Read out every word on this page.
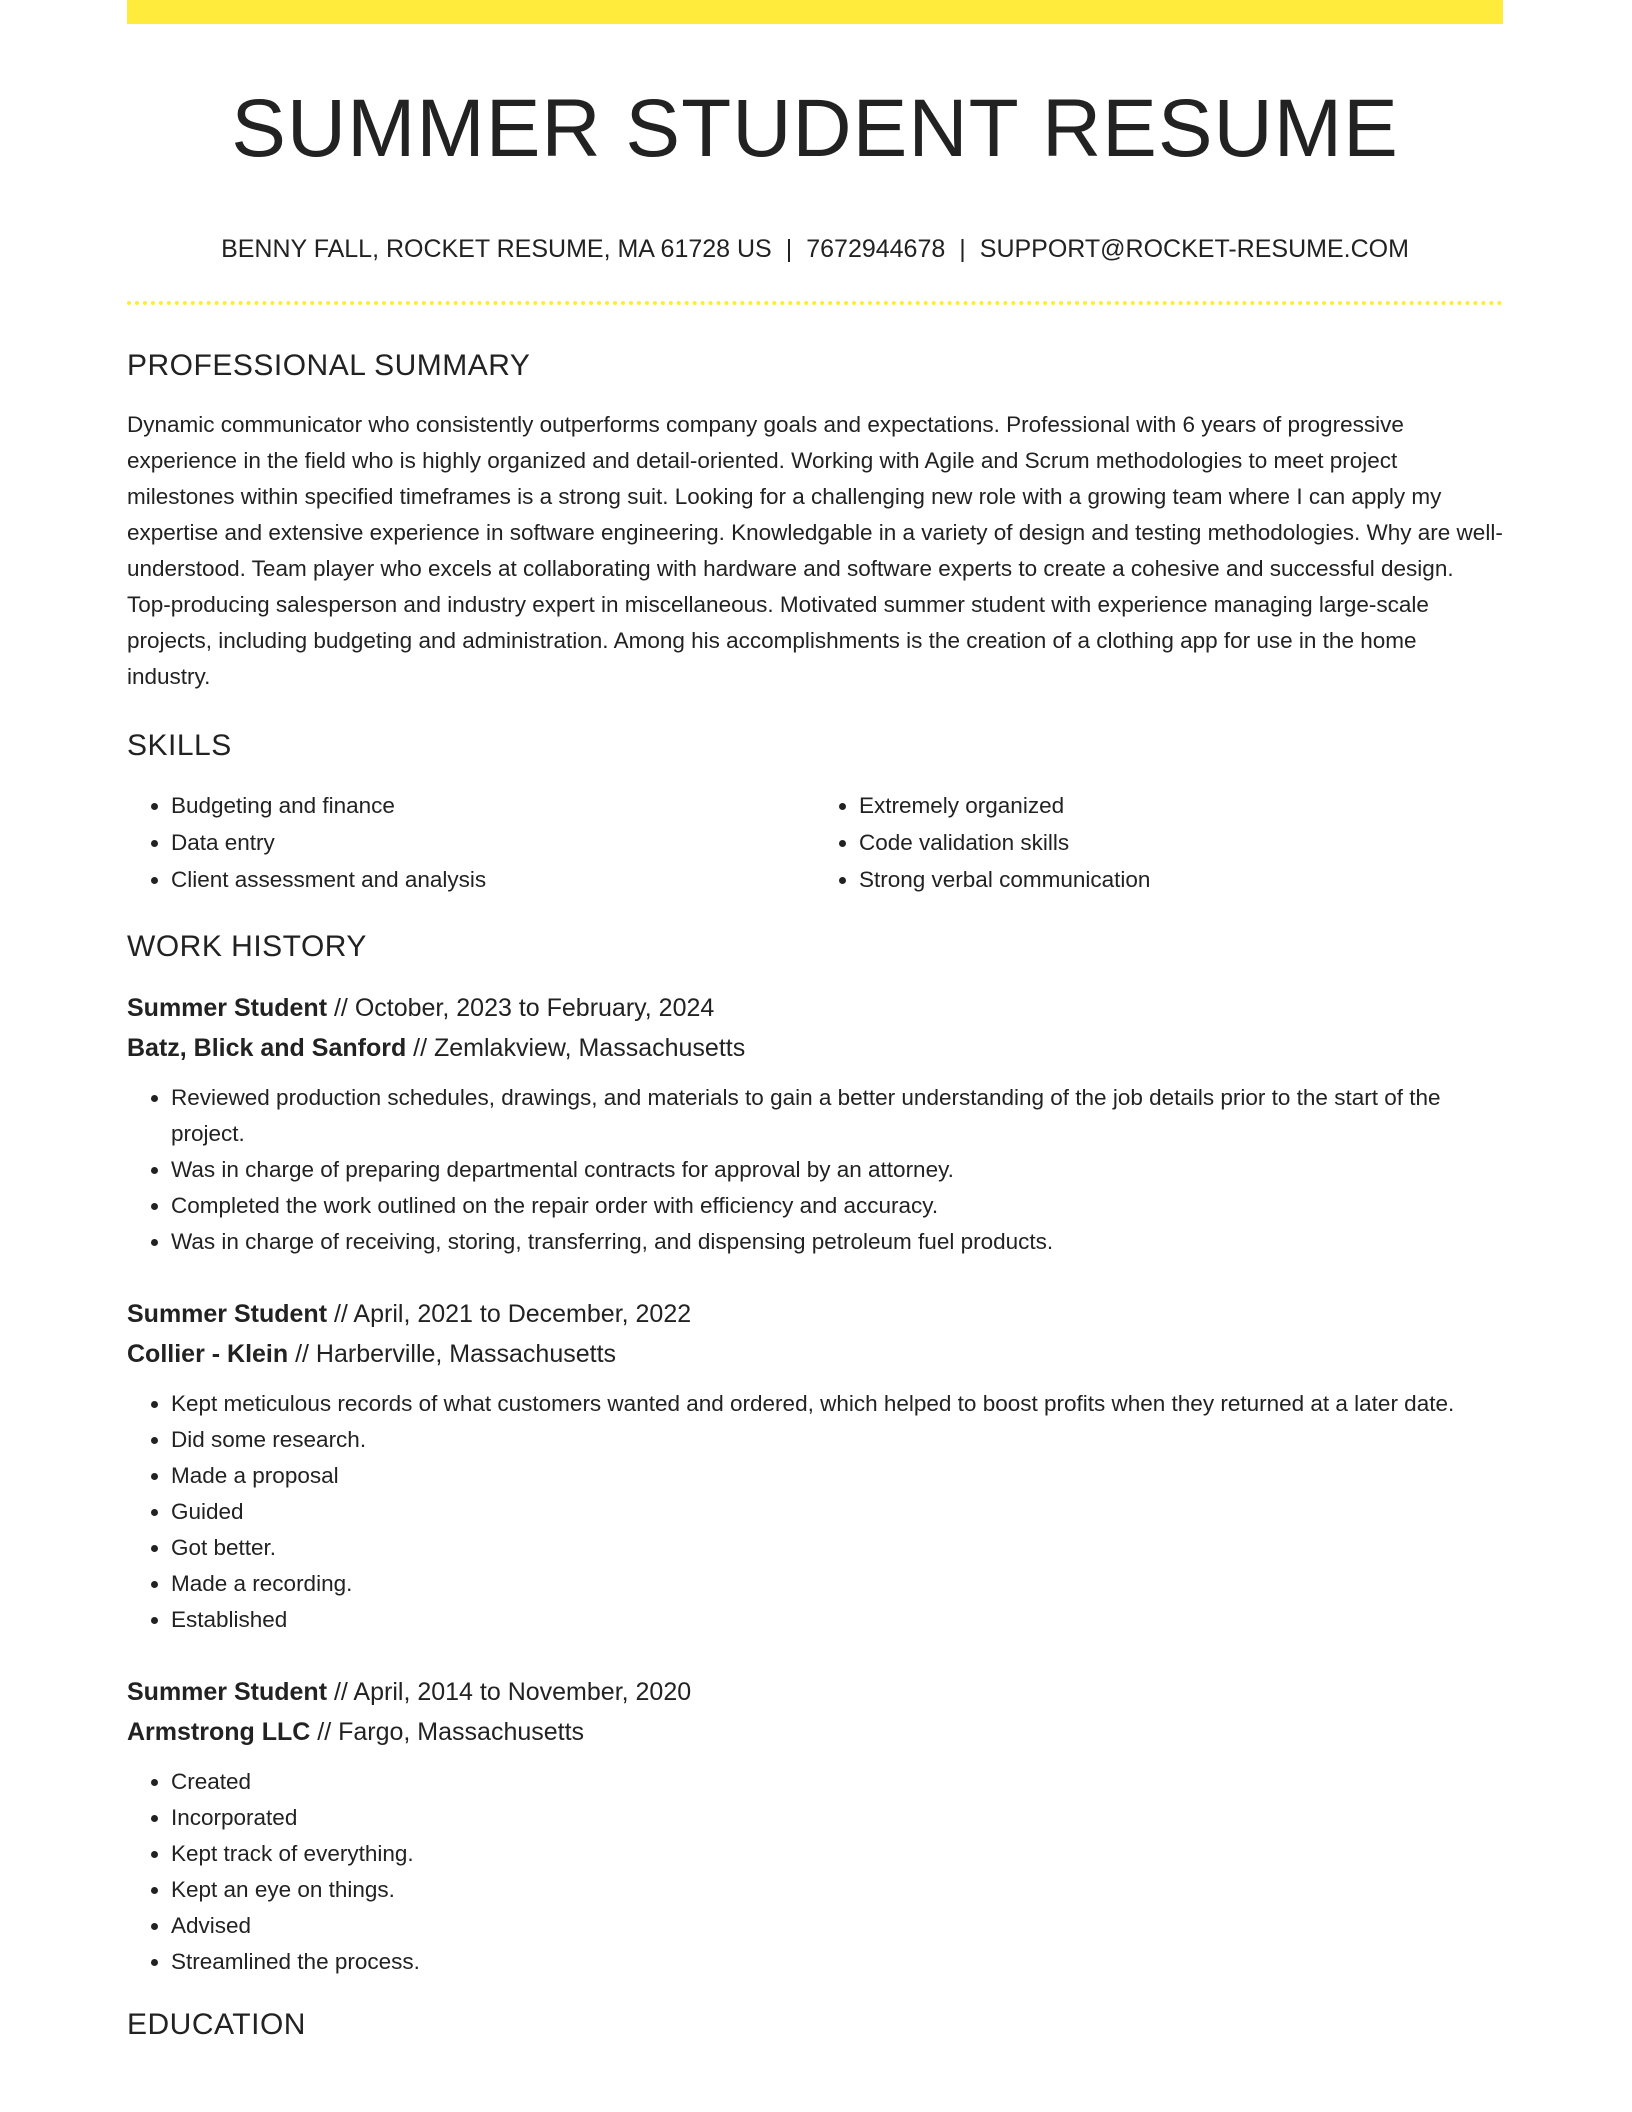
SUMMER STUDENT RESUME
BENNY FALL, ROCKET RESUME, MA 61728 US | 7672944678 | SUPPORT@ROCKET-RESUME.COM
PROFESSIONAL SUMMARY

Dynamic communicator who consistently outperforms company goals and expectations. Professional with 6 years of progressive experience in the field who is highly organized and detail-oriented. Working with Agile and Scrum methodologies to meet project milestones within specified timeframes is a strong suit. Looking for a challenging new role with a growing team where I can apply my expertise and extensive experience in software engineering. Knowledgable in a variety of design and testing methodologies. Why are well-understood. Team player who excels at collaborating with hardware and software experts to create a cohesive and successful design. Top-producing salesperson and industry expert in miscellaneous. Motivated summer student with experience managing large-scale projects, including budgeting and administration. Among his accomplishments is the creation of a clothing app for use in the home industry.

SKILLS
• Budgeting and finance
• Data entry
• Client assessment and analysis
• Extremely organized
• Code validation skills
• Strong verbal communication
WORK HISTORY
Summer Student // October, 2023 to February, 2024
Batz, Blick and Sanford // Zemlakview, Massachusetts
• Reviewed production schedules, drawings, and materials to gain a better understanding of the job details prior to the start of the project.
• Was in charge of preparing departmental contracts for approval by an attorney.
• Completed the work outlined on the repair order with efficiency and accuracy.
• Was in charge of receiving, storing, transferring, and dispensing petroleum fuel products.
Summer Student // April, 2021 to December, 2022
Collier - Klein // Harberville, Massachusetts
• Kept meticulous records of what customers wanted and ordered, which helped to boost profits when they returned at a later date.
• Did some research.
• Made a proposal
• Guided
• Got better.
• Made a recording.
• Established
Summer Student // April, 2014 to November, 2020
Armstrong LLC // Fargo, Massachusetts
• Created
• Incorporated
• Kept track of everything.
• Kept an eye on things.
• Advised
• Streamlined the process.
EDUCATION
